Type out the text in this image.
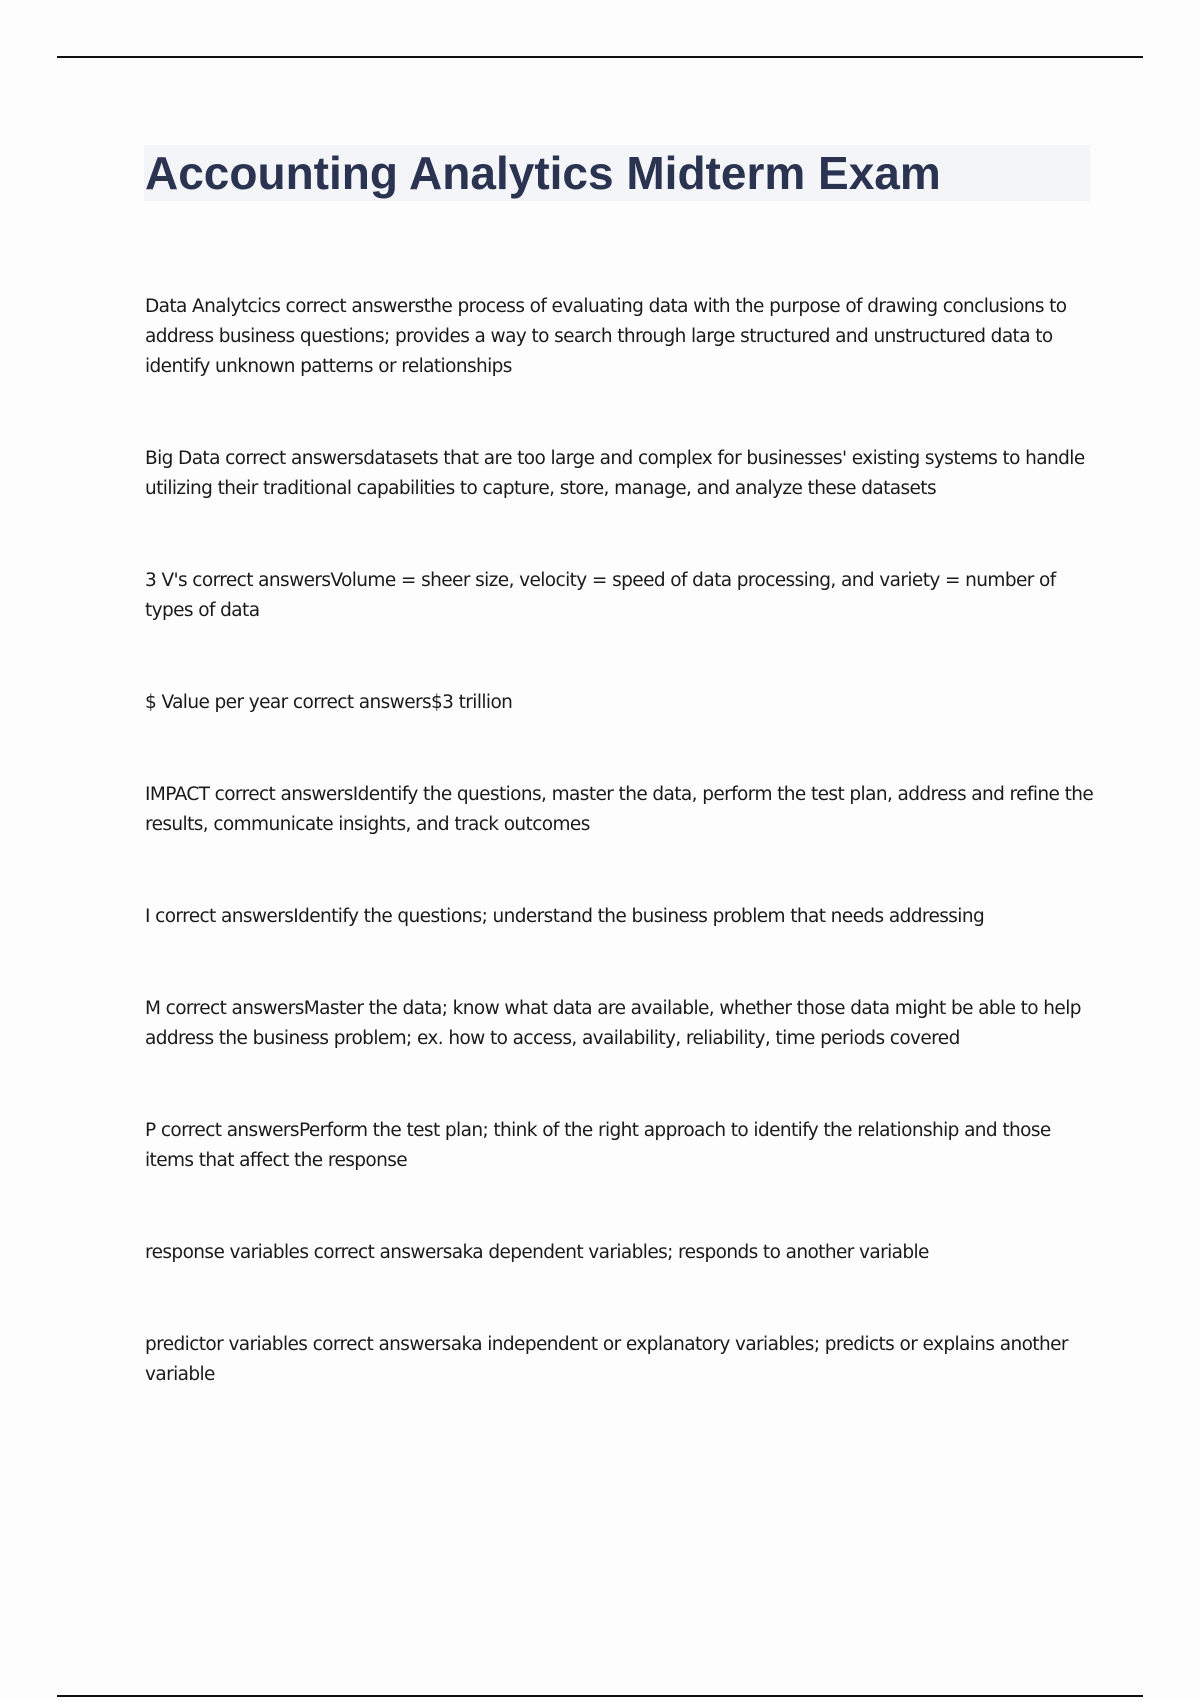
Accounting Analytics Midterm Exam

Data Analytcics correct answersthe process of evaluating data with the purpose of drawing conclusions to address business questions; provides a way to search through large structured and unstructured data to identify unknown patterns or relationships

Big Data correct answersdatasets that are too large and complex for businesses' existing systems to handle utilizing their traditional capabilities to capture, store, manage, and analyze these datasets

3 V's correct answersVolume = sheer size, velocity = speed of data processing, and variety = number of types of data

$ Value per year correct answers$3 trillion

IMPACT correct answersIdentify the questions, master the data, perform the test plan, address and refine the results, communicate insights, and track outcomes

I correct answersIdentify the questions; understand the business problem that needs addressing

M correct answersMaster the data; know what data are available, whether those data might be able to help address the business problem; ex. how to access, availability, reliability, time periods covered

P correct answersPerform the test plan; think of the right approach to identify the relationship and those items that affect the response

response variables correct answersaka dependent variables; responds to another variable

predictor variables correct answersaka independent or explanatory variables; predicts or explains another variable
